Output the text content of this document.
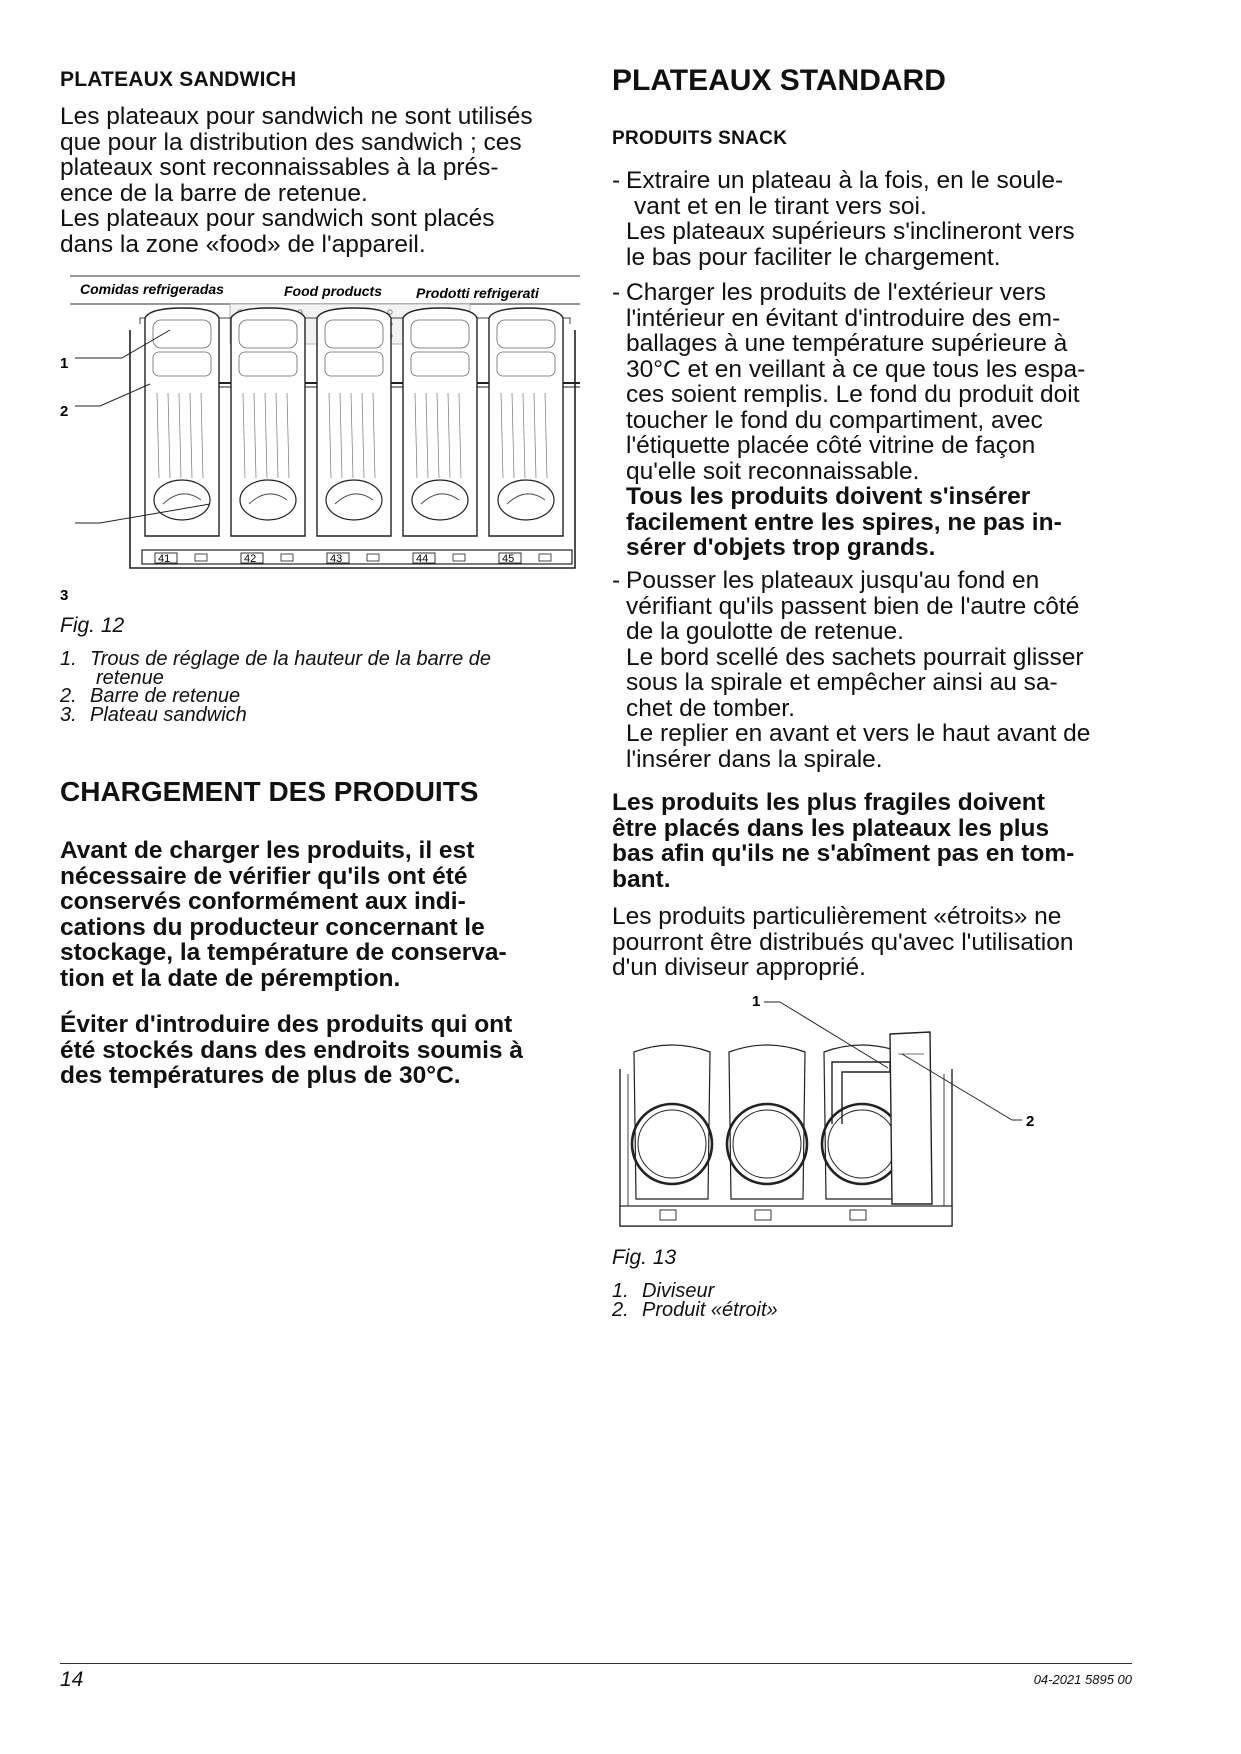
PLATEAUX SANDWICH

Les plateaux pour sandwich ne sont utilisés
que pour la distribution des sandwich ; ces
plateaux sont reconnaissables à la prés-
ence de la barre de retenue.
Les plateaux pour sandwich sont placés
dans la zone «food» de l'appareil.

Comidas refrigeradas	Food products Prodotti refrigerati
41	42	43	44	45
1
2
3

Fig. 12

1. Trous de réglage de la hauteur de la barre de
retenue
2. Barre de retenue
3. Plateau sandwich
CHARGEMENT DES PRODUITS

Avant de charger les produits, il est
nécessaire de vérifier qu'ils ont été
conservés conformément aux indi-
cations du producteur concernant le
stockage, la température de conserva-
tion et la date de péremption.

Éviter d'introduire des produits qui ont
été stockés dans des endroits soumis à
des températures de plus de 30°C.

PLATEAUX STANDARD
PRODUITS SNACK
- Extraire un plateau à la fois, en le soule-
vant et en le tirant vers soi.
Les plateaux supérieurs s'inclineront vers
le bas pour faciliter le chargement.
- Charger les produits de l'extérieur vers
l'intérieur en évitant d'introduire des em-
ballages à une température supérieure à
30°C et en veillant à ce que tous les espa-
ces soient remplis. Le fond du produit doit
toucher le fond du compartiment, avec
l'étiquette placée côté vitrine de façon
qu'elle soit reconnaissable.
Tous les produits doivent s'insérer
facilement entre les spires, ne pas in-
sérer d'objets trop grands.
- Pousser les plateaux jusqu'au fond en
vérifiant qu'ils passent bien de l'autre côté
de la goulotte de retenue.
Le bord scellé des sachets pourrait glisser
sous la spirale et empêcher ainsi au sa-
chet de tomber.
Le replier en avant et vers le haut avant de
l'insérer dans la spirale.

Les produits les plus fragiles doivent
être placés dans les plateaux les plus
bas afin qu'ils ne s'abîment pas en tom-
bant.

Les produits particulièrement «étroits» ne
pourront être distribués qu'avec l'utilisation
d'un diviseur approprié.

1
2

Fig. 13

1. Diviseur
2. Produit «étroit»
14	04-2021 5895 00
